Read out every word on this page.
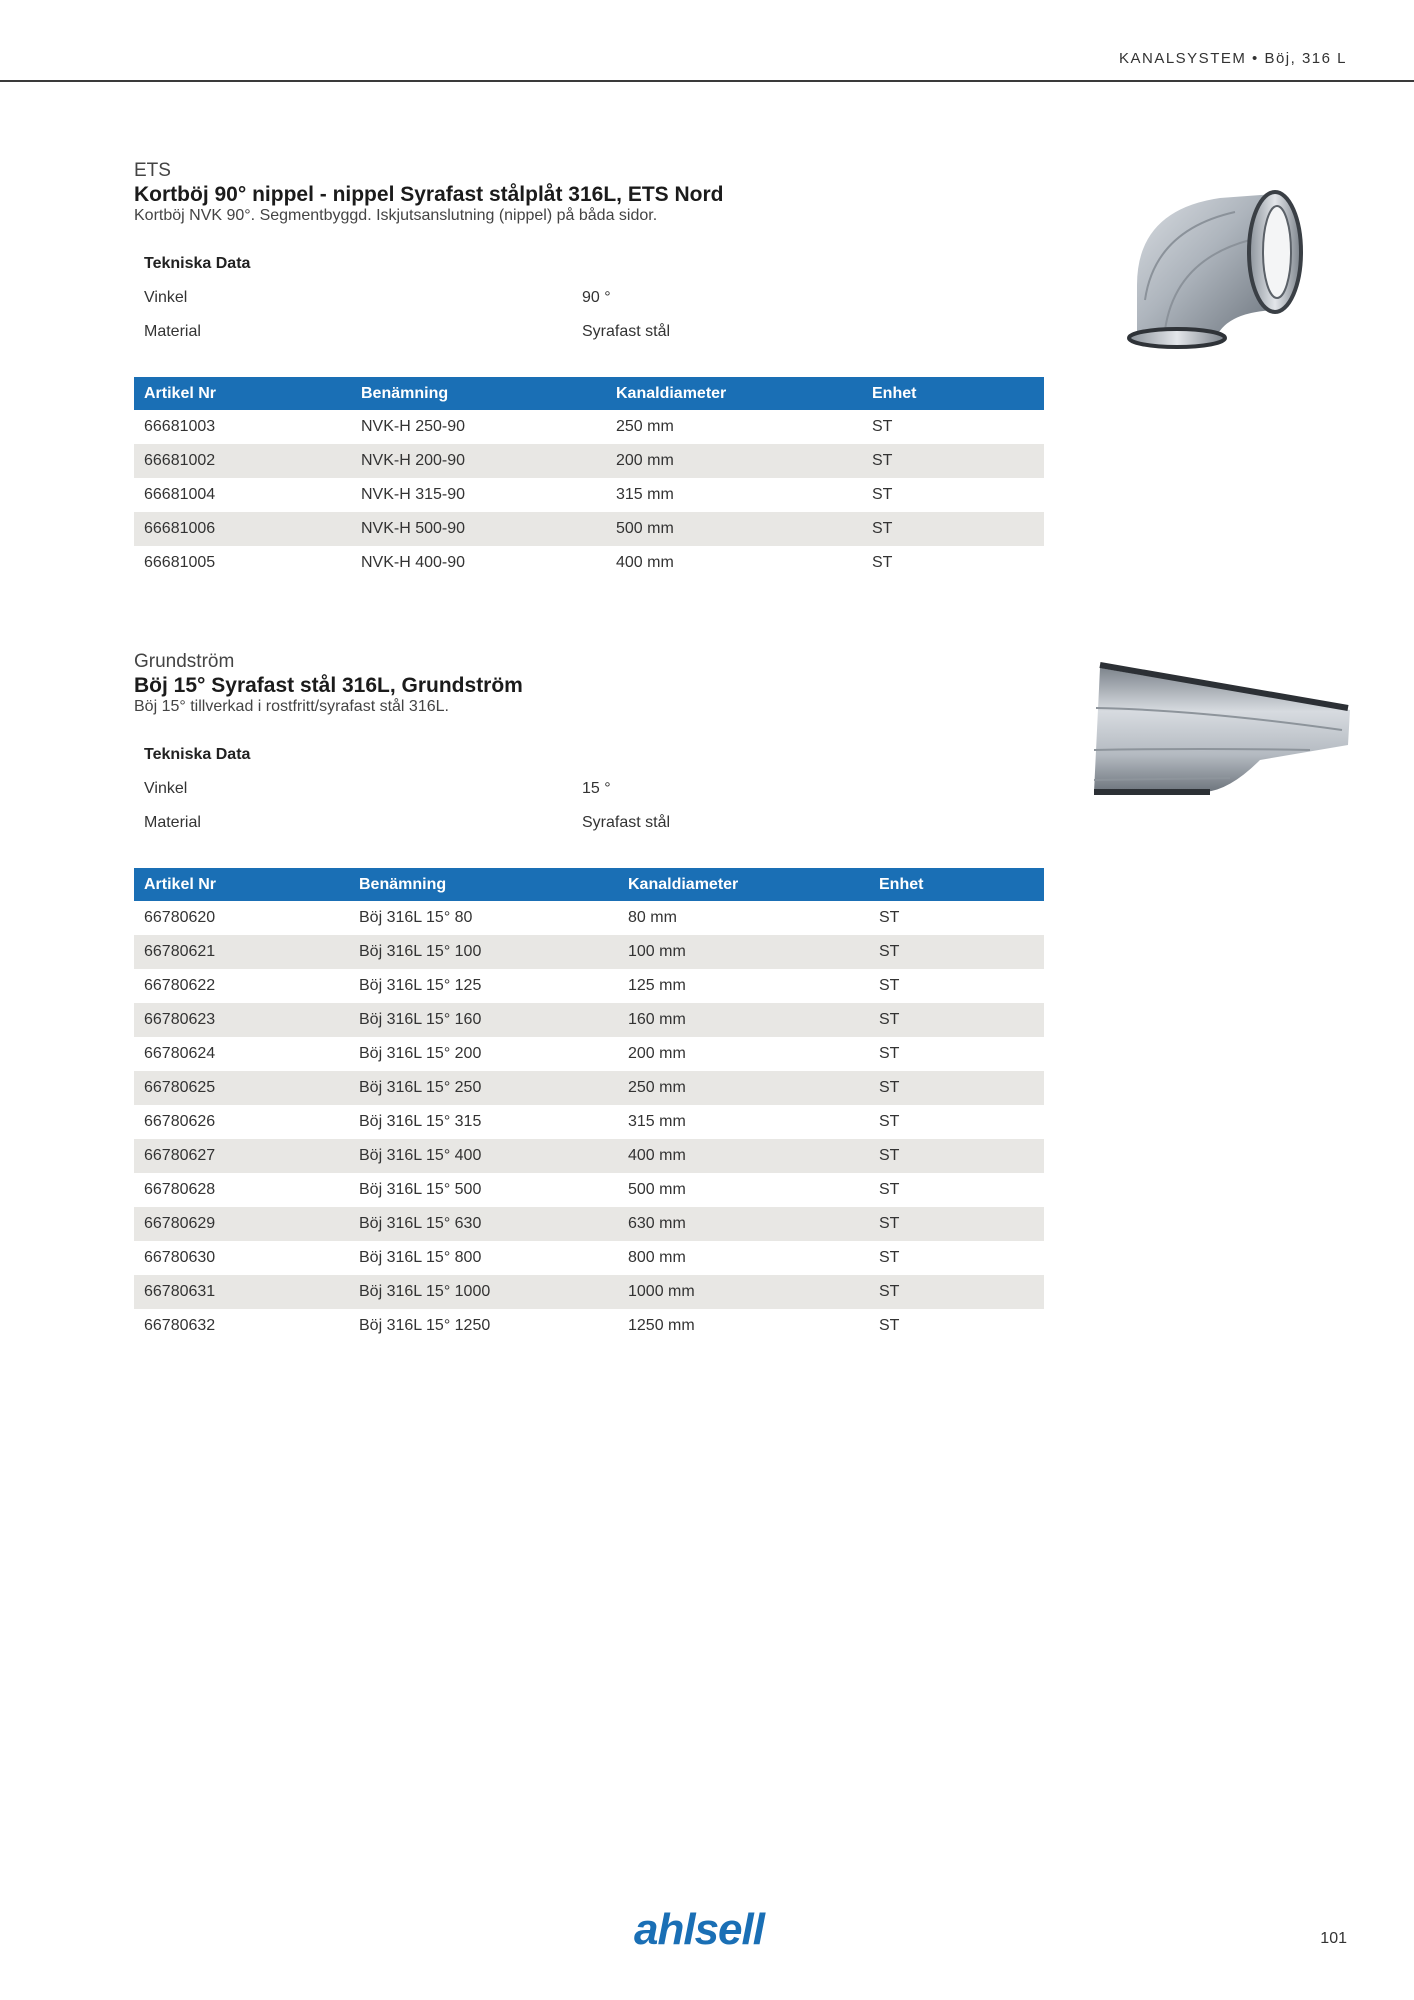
KANALSYSTEM • Böj, 316 L
ETS
Kortböj 90° nippel - nippel Syrafast stålplåt 316L, ETS Nord
Kortböj NVK 90°. Segmentbyggd. Iskjutsanslutning (nippel) på båda sidor.
Tekniska Data
Vinkel	90 °
Material	Syrafast stål
Artikel Nr	Benämning	Kanaldiameter	Enhet
66681003	NVK-H 250-90	250 mm	ST
66681002	NVK-H 200-90	200 mm	ST
66681004	NVK-H 315-90	315 mm	ST
66681006	NVK-H 500-90	500 mm	ST
66681005	NVK-H 400-90	400 mm	ST
Grundström
Böj 15° Syrafast stål 316L, Grundström
Böj 15° tillverkad i rostfritt/syrafast stål 316L.
Tekniska Data
Vinkel	15 °
Material	Syrafast stål
Artikel Nr	Benämning	Kanaldiameter	Enhet
66780620	Böj 316L 15° 80	80 mm	ST
66780621	Böj 316L 15° 100	100 mm	ST
66780622	Böj 316L 15° 125	125 mm	ST
66780623	Böj 316L 15° 160	160 mm	ST
66780624	Böj 316L 15° 200	200 mm	ST
66780625	Böj 316L 15° 250	250 mm	ST
66780626	Böj 316L 15° 315	315 mm	ST
66780627	Böj 316L 15° 400	400 mm	ST
66780628	Böj 316L 15° 500	500 mm	ST
66780629	Böj 316L 15° 630	630 mm	ST
66780630	Böj 316L 15° 800	800 mm	ST
66780631	Böj 316L 15° 1000	1000 mm	ST
66780632	Böj 316L 15° 1250	1250 mm	ST
ahlsell	101
